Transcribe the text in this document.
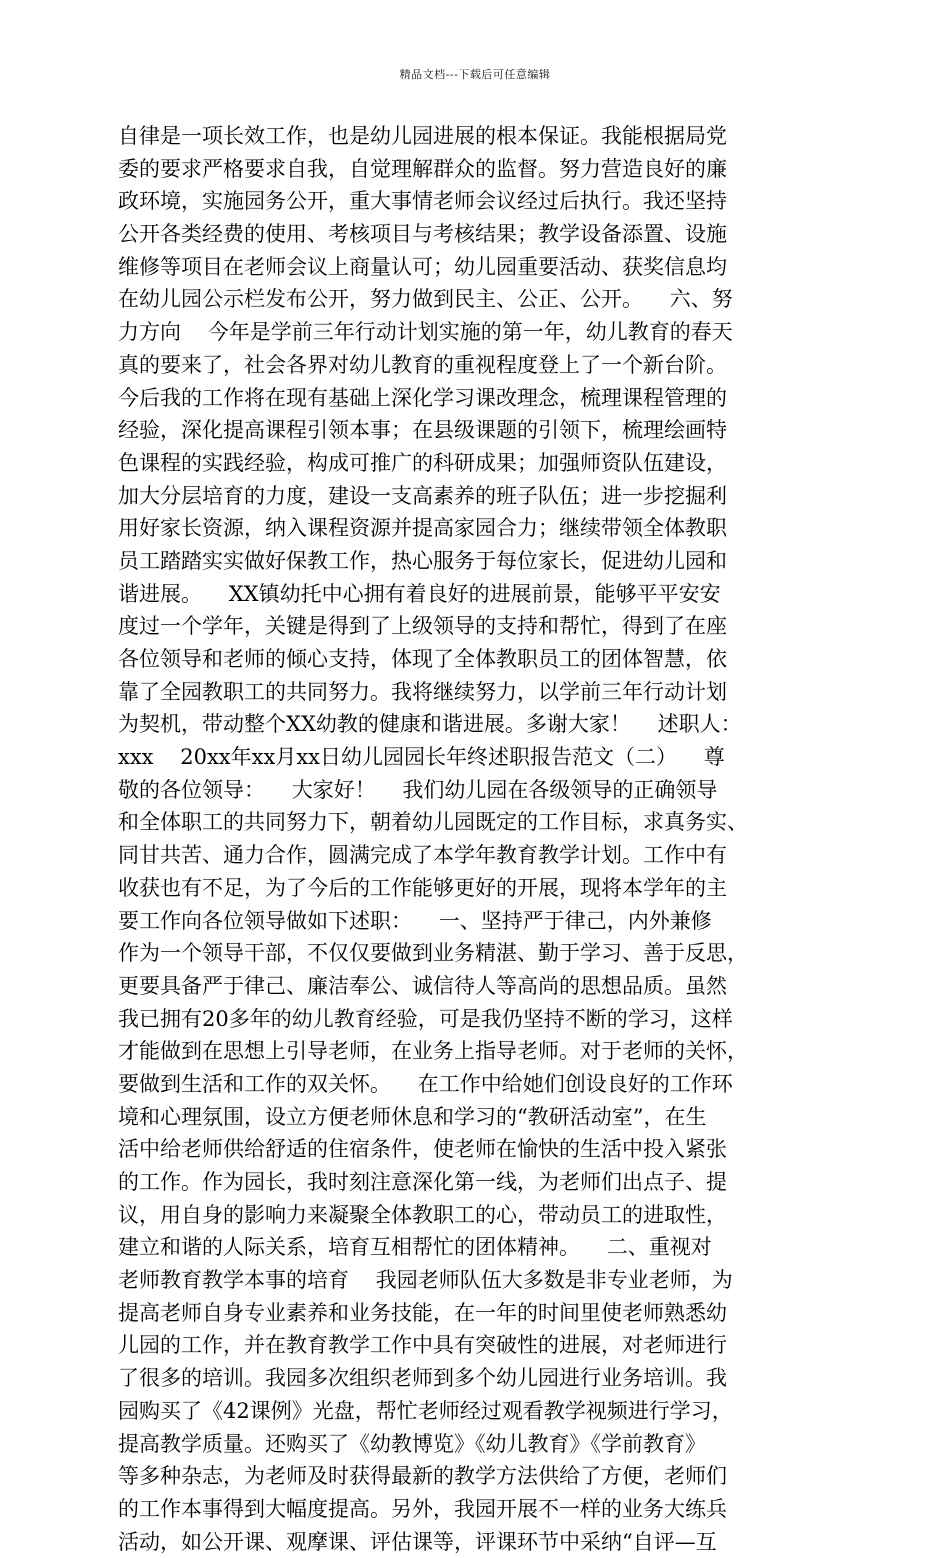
精品文档---下载后可任意编辑
自律是一项长效工作，也是幼儿园进展的根本保证。我能根据局党
委的要求严格要求自我，自觉理解群众的监督。努力营造良好的廉
政环境，实施园务公开，重大事情老师会议经过后执行。我还坚持
公开各类经费的使用、考核项目与考核结果；教学设备添置、设施
维修等项目在老师会议上商量认可；幼儿园重要活动、获奖信息均
在幼儿园公示栏发布公开，努力做到民主、公正、公开。    六、努
力方向    今年是学前三年行动计划实施的第一年，幼儿教育的春天
真的要来了，社会各界对幼儿教育的重视程度登上了一个新台阶。
今后我的工作将在现有基础上深化学习课改理念，梳理课程管理的
经验，深化提高课程引领本事；在县级课题的引领下，梳理绘画特
色课程的实践经验，构成可推广的科研成果；加强师资队伍建设，
加大分层培育的力度，建设一支高素养的班子队伍；进一步挖掘利
用好家长资源，纳入课程资源并提高家园合力；继续带领全体教职
员工踏踏实实做好保教工作，热心服务于每位家长，促进幼儿园和
谐进展。    XX镇幼托中心拥有着良好的进展前景，能够平平安安
度过一个学年，关键是得到了上级领导的支持和帮忙，得到了在座
各位领导和老师的倾心支持，体现了全体教职员工的团体智慧，依
靠了全园教职工的共同努力。我将继续努力，以学前三年行动计划
为契机，带动整个XX幼教的健康和谐进展。多谢大家！    述职人：
xxx    20xx年xx月xx日幼儿园园长年终述职报告范文（二）    尊
敬的各位领导：    大家好！    我们幼儿园在各级领导的正确领导
和全体职工的共同努力下，朝着幼儿园既定的工作目标，求真务实、
同甘共苦、通力合作，圆满完成了本学年教育教学计划。工作中有
收获也有不足，为了今后的工作能够更好的开展，现将本学年的主
要工作向各位领导做如下述职：    一、坚持严于律己，内外兼修
作为一个领导干部，不仅仅要做到业务精湛、勤于学习、善于反思，
更要具备严于律己、廉洁奉公、诚信待人等高尚的思想品质。虽然
我已拥有20多年的幼儿教育经验，可是我仍坚持不断的学习，这样
才能做到在思想上引导老师，在业务上指导老师。对于老师的关怀，
要做到生活和工作的双关怀。    在工作中给她们创设良好的工作环
境和心理氛围，设立方便老师休息和学习的“教研活动室”，在生
活中给老师供给舒适的住宿条件，使老师在愉快的生活中投入紧张
的工作。作为园长，我时刻注意深化第一线，为老师们出点子、提
议，用自身的影响力来凝聚全体教职工的心，带动员工的进取性，
建立和谐的人际关系，培育互相帮忙的团体精神。    二、重视对
老师教育教学本事的培育    我园老师队伍大多数是非专业老师，为
提高老师自身专业素养和业务技能，在一年的时间里使老师熟悉幼
儿园的工作，并在教育教学工作中具有突破性的进展，对老师进行
了很多的培训。我园多次组织老师到多个幼儿园进行业务培训。我
园购买了《42课例》光盘，帮忙老师经过观看教学视频进行学习，
提高教学质量。还购买了《幼教博览》《幼儿教育》《学前教育》
等多种杂志，为老师及时获得最新的教学方法供给了方便，老师们
的工作本事得到大幅度提高。另外，我园开展不一样的业务大练兵
活动，如公开课、观摩课、评估课等，评课环节中采纳“自评—互
